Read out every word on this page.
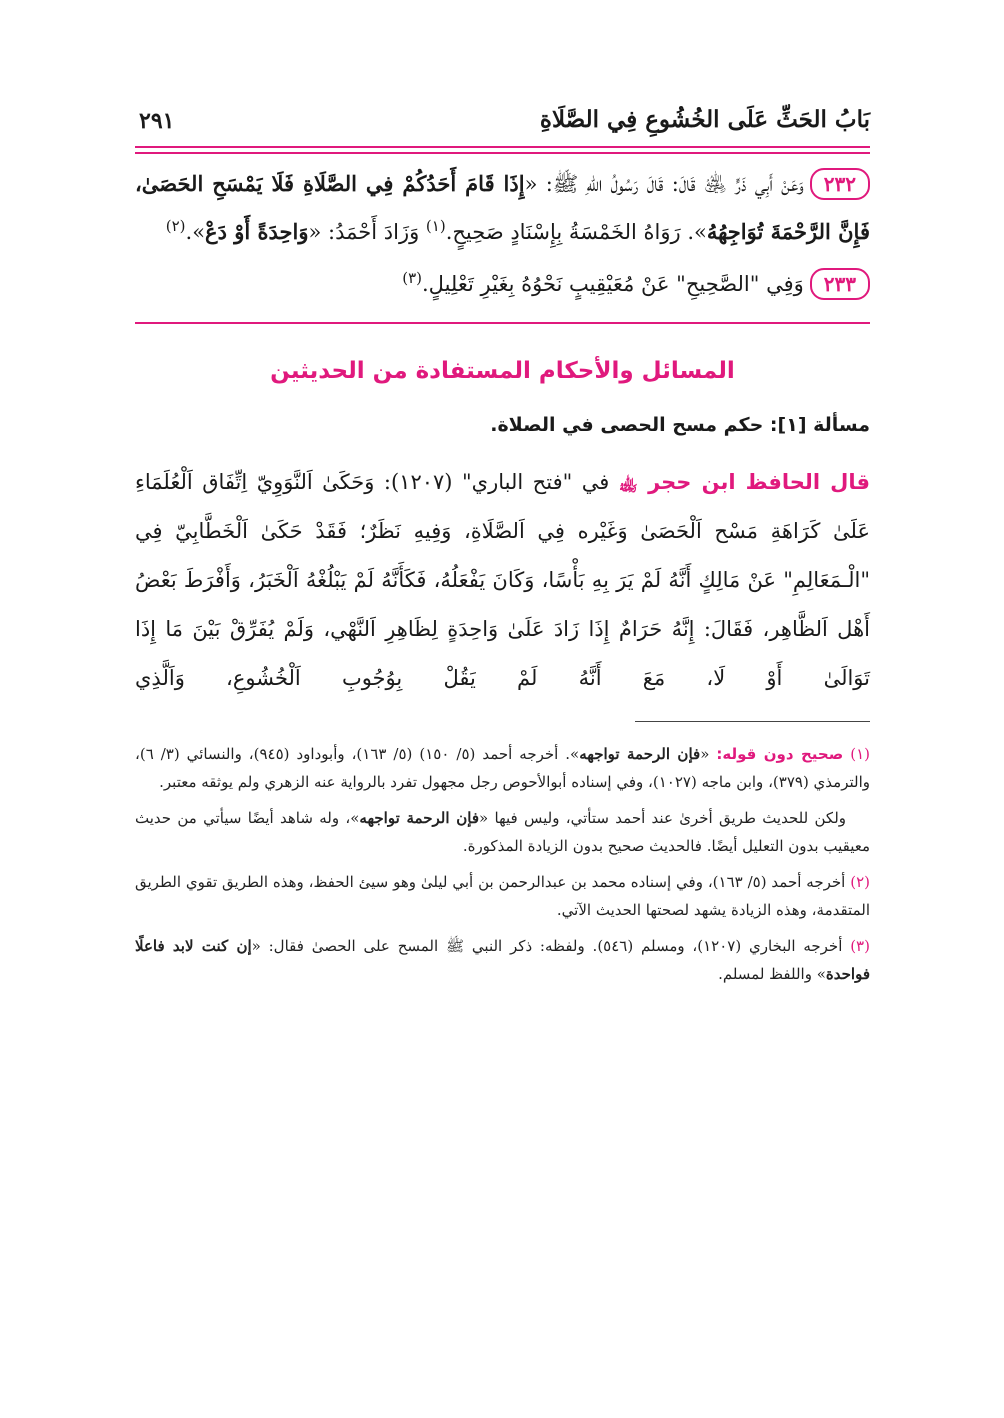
بَابُ الحَثِّ عَلَى الخُشُوعِ فِي الصَّلَاةِ
٢٩١

٢٣٢وَعَنْ أَبِي ذَرٍّ ﵁ قَالَ: قَالَ رَسُولُ اللهِ ﷺ: «إِذَا قَامَ أَحَدُكُمْ فِي الصَّلَاةِ فَلَا يَمْسَحِ الحَصَىٰ، فَإِنَّ الرَّحْمَةَ تُوَاجِهُهُ». رَوَاهُ الخَمْسَةُ بِإِسْنَادٍ صَحِيحٍ.$^{(١)}$ وَزَادَ أَحْمَدُ: «وَاحِدَةً أَوْ دَعْ».$^{(٢)}$

٢٣٣وَفِي "الصَّحِيحِ" عَنْ مُعَيْقِيبٍ نَحْوُهُ بِغَيْرِ تَعْلِيلٍ.$^{(٣)}$

المسائل والأحكام المستفادة من الحديثين
مسألة [١]: حكم مسح الحصى في الصلاة.
قال الحافظ ابن حجر ﵀ في "فتح الباري" (١٢٠٧): وَحَكَىٰ اَلنَّوَوِيّ اِتِّفَاق اَلْعُلَمَاءِ عَلَىٰ كَرَاهَةِ مَسْح اَلْحَصَىٰ وَغَيْره فِي اَلصَّلَاةِ، وَفِيهِ نَظَرٌ؛ فَقَدْ حَكَىٰ اَلْخَطَّابِيّ فِي "الْـمَعَالِمِ" عَنْ مَالِكٍ أَنَّهُ لَمْ يَرَ بِهِ بَأْسًا، وَكَانَ يَفْعَلُهُ، فَكَأَنَّهُ لَمْ يَبْلُغْهُ اَلْخَبَرُ، وَأَفْرَطَ بَعْضُ أَهْل اَلظَّاهِر، فَقَالَ: إِنَّهُ حَرَامٌ إِذَا زَادَ عَلَىٰ وَاحِدَةٍ لِظَاهِرِ اَلنَّهْي، وَلَمْ يُفَرِّقْ بَيْنَ مَا إِذَا تَوَالَىٰ أَوْ لَا، مَعَ أَنَّهُ لَمْ يَقُلْ بِوُجُوبِ اَلْخُشُوعِ، وَاَلَّذِي
(١) صحيح دون قوله: «فإن الرحمة تواجهه». أخرجه أحمد (٥/ ١٥٠) (٥/ ١٦٣)، وأبوداود (٩٤٥)، والنسائي (٣/ ٦)، والترمذي (٣٧٩)، وابن ماجه (١٠٢٧)، وفي إسناده أبوالأحوص رجل مجهول تفرد بالرواية عنه الزهري ولم يوثقه معتبر.
ولكن للحديث طريق أخرىٰ عند أحمد ستأتي، وليس فيها «فإن الرحمة تواجهه»، وله شاهد أيضًا سيأتي من حديث معيقيب بدون التعليل أيضًا. فالحديث صحيح بدون الزيادة المذكورة.
(٢) أخرجه أحمد (٥/ ١٦٣)، وفي إسناده محمد بن عبدالرحمن بن أبي ليلىٰ وهو سيئ الحفظ، وهذه الطريق تقوي الطريق المتقدمة، وهذه الزيادة يشهد لصحتها الحديث الآتي.
(٣) أخرجه البخاري (١٢٠٧)، ومسلم (٥٤٦). ولفظه: ذكر النبي ﷺ المسح على الحصىٰ فقال: «إن كنت لابد فاعلًا فواحدة» واللفظ لمسلم.
